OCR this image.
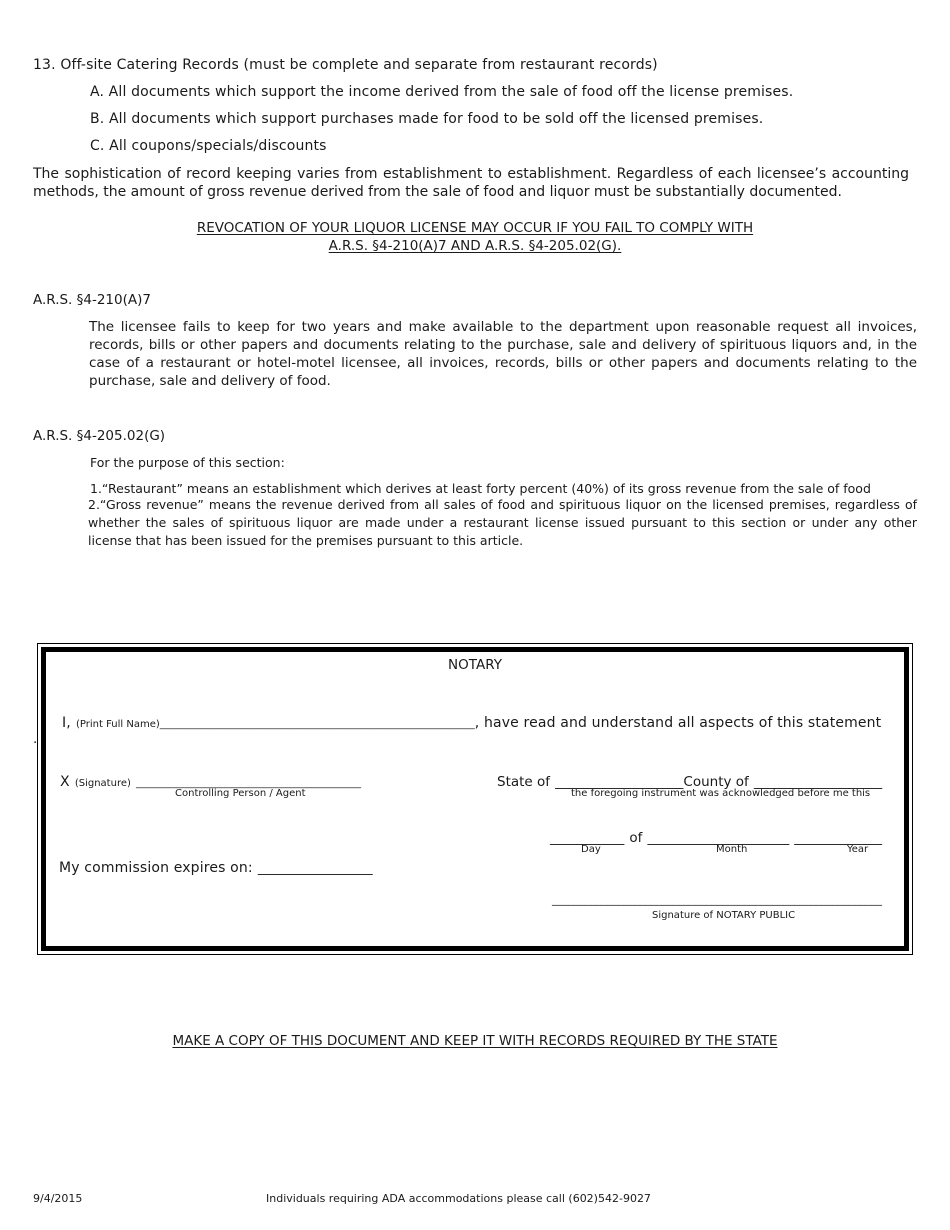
13. Off-site Catering Records (must be complete and separate from restaurant records)
A. All documents which support the income derived from the sale of food off the license premises.
B. All documents which support purchases made for food to be sold off the licensed premises.
C. All coupons/specials/discounts
The sophistication of record keeping varies from establishment to establishment. Regardless of each licensee’s accounting methods, the amount of gross revenue derived from the sale of food and liquor must be substantially documented.
REVOCATION OF YOUR LIQUOR LICENSE MAY OCCUR IF YOU FAIL TO COMPLY WITH
A.R.S. §4-210(A)7 AND A.R.S. §4-205.02(G).
A.R.S. §4-210(A)7
The licensee fails to keep for two years and make available to the department upon reasonable request all invoices, records, bills or other papers and documents relating to the purchase, sale and delivery of spirituous liquors and, in the case of a restaurant or hotel-motel licensee, all invoices, records, bills or other papers and documents relating to the purchase, sale and delivery of food.
A.R.S. §4-205.02(G)
For the purpose of this section:
1.“Restaurant” means an establishment which derives at least forty percent (40%) of its gross revenue from the sale of food
2.“Gross revenue” means the revenue derived from all sales of food and spirituous liquor on the licensed premises, regardless of whether the sales of spirituous liquor are made under a restaurant license issued pursuant to this section or under any other license that has been issued for the premises pursuant to this article.
NOTARY
.
I, (Print Full Name)_______________________________________________________________, have read and understand all aspects of this statement
X (Signature) _____________________________________________
Controlling Person / Agent
State of ___________________County of ___________________
the foregoing instrument was acknowledged before me this
___________ of _____________________ _____________
Day	Month	Year
My commission expires on: _________________
____________________________________________________________
Signature of NOTARY PUBLIC
MAKE A COPY OF THIS DOCUMENT AND KEEP IT WITH RECORDS REQUIRED BY THE STATE
9/4/2015	Individuals requiring ADA accommodations please call (602)542-9027
